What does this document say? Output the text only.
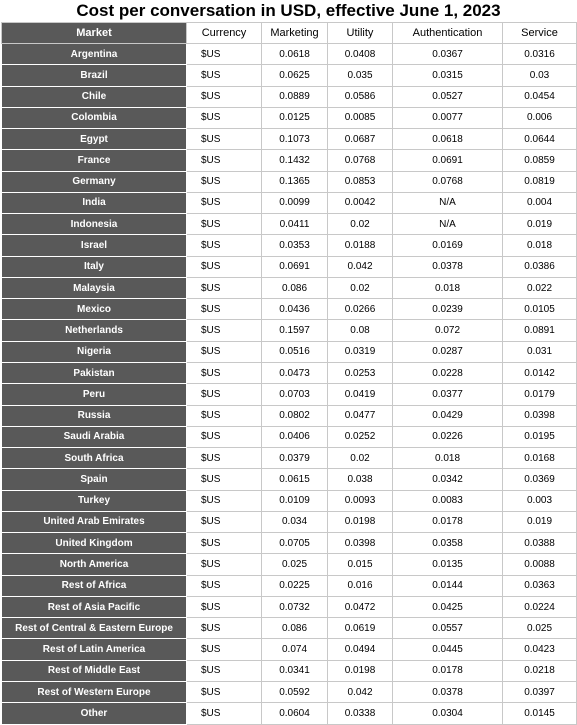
Cost per conversation in USD, effective June 1, 2023
Market	Currency	Marketing	Utility	Authentication	Service
Argentina	$US	0.0618	0.0408	0.0367	0.0316
Brazil	$US	0.0625	0.035	0.0315	0.03
Chile	$US	0.0889	0.0586	0.0527	0.0454
Colombia	$US	0.0125	0.0085	0.0077	0.006
Egypt	$US	0.1073	0.0687	0.0618	0.0644
France	$US	0.1432	0.0768	0.0691	0.0859
Germany	$US	0.1365	0.0853	0.0768	0.0819
India	$US	0.0099	0.0042	N/A	0.004
Indonesia	$US	0.0411	0.02	N/A	0.019
Israel	$US	0.0353	0.0188	0.0169	0.018
Italy	$US	0.0691	0.042	0.0378	0.0386
Malaysia	$US	0.086	0.02	0.018	0.022
Mexico	$US	0.0436	0.0266	0.0239	0.0105
Netherlands	$US	0.1597	0.08	0.072	0.0891
Nigeria	$US	0.0516	0.0319	0.0287	0.031
Pakistan	$US	0.0473	0.0253	0.0228	0.0142
Peru	$US	0.0703	0.0419	0.0377	0.0179
Russia	$US	0.0802	0.0477	0.0429	0.0398
Saudi Arabia	$US	0.0406	0.0252	0.0226	0.0195
South Africa	$US	0.0379	0.02	0.018	0.0168
Spain	$US	0.0615	0.038	0.0342	0.0369
Turkey	$US	0.0109	0.0093	0.0083	0.003
United Arab Emirates	$US	0.034	0.0198	0.0178	0.019
United Kingdom	$US	0.0705	0.0398	0.0358	0.0388
North America	$US	0.025	0.015	0.0135	0.0088
Rest of Africa	$US	0.0225	0.016	0.0144	0.0363
Rest of Asia Pacific	$US	0.0732	0.0472	0.0425	0.0224
Rest of Central & Eastern Europe	$US	0.086	0.0619	0.0557	0.025
Rest of Latin America	$US	0.074	0.0494	0.0445	0.0423
Rest of Middle East	$US	0.0341	0.0198	0.0178	0.0218
Rest of Western Europe	$US	0.0592	0.042	0.0378	0.0397
Other	$US	0.0604	0.0338	0.0304	0.0145
